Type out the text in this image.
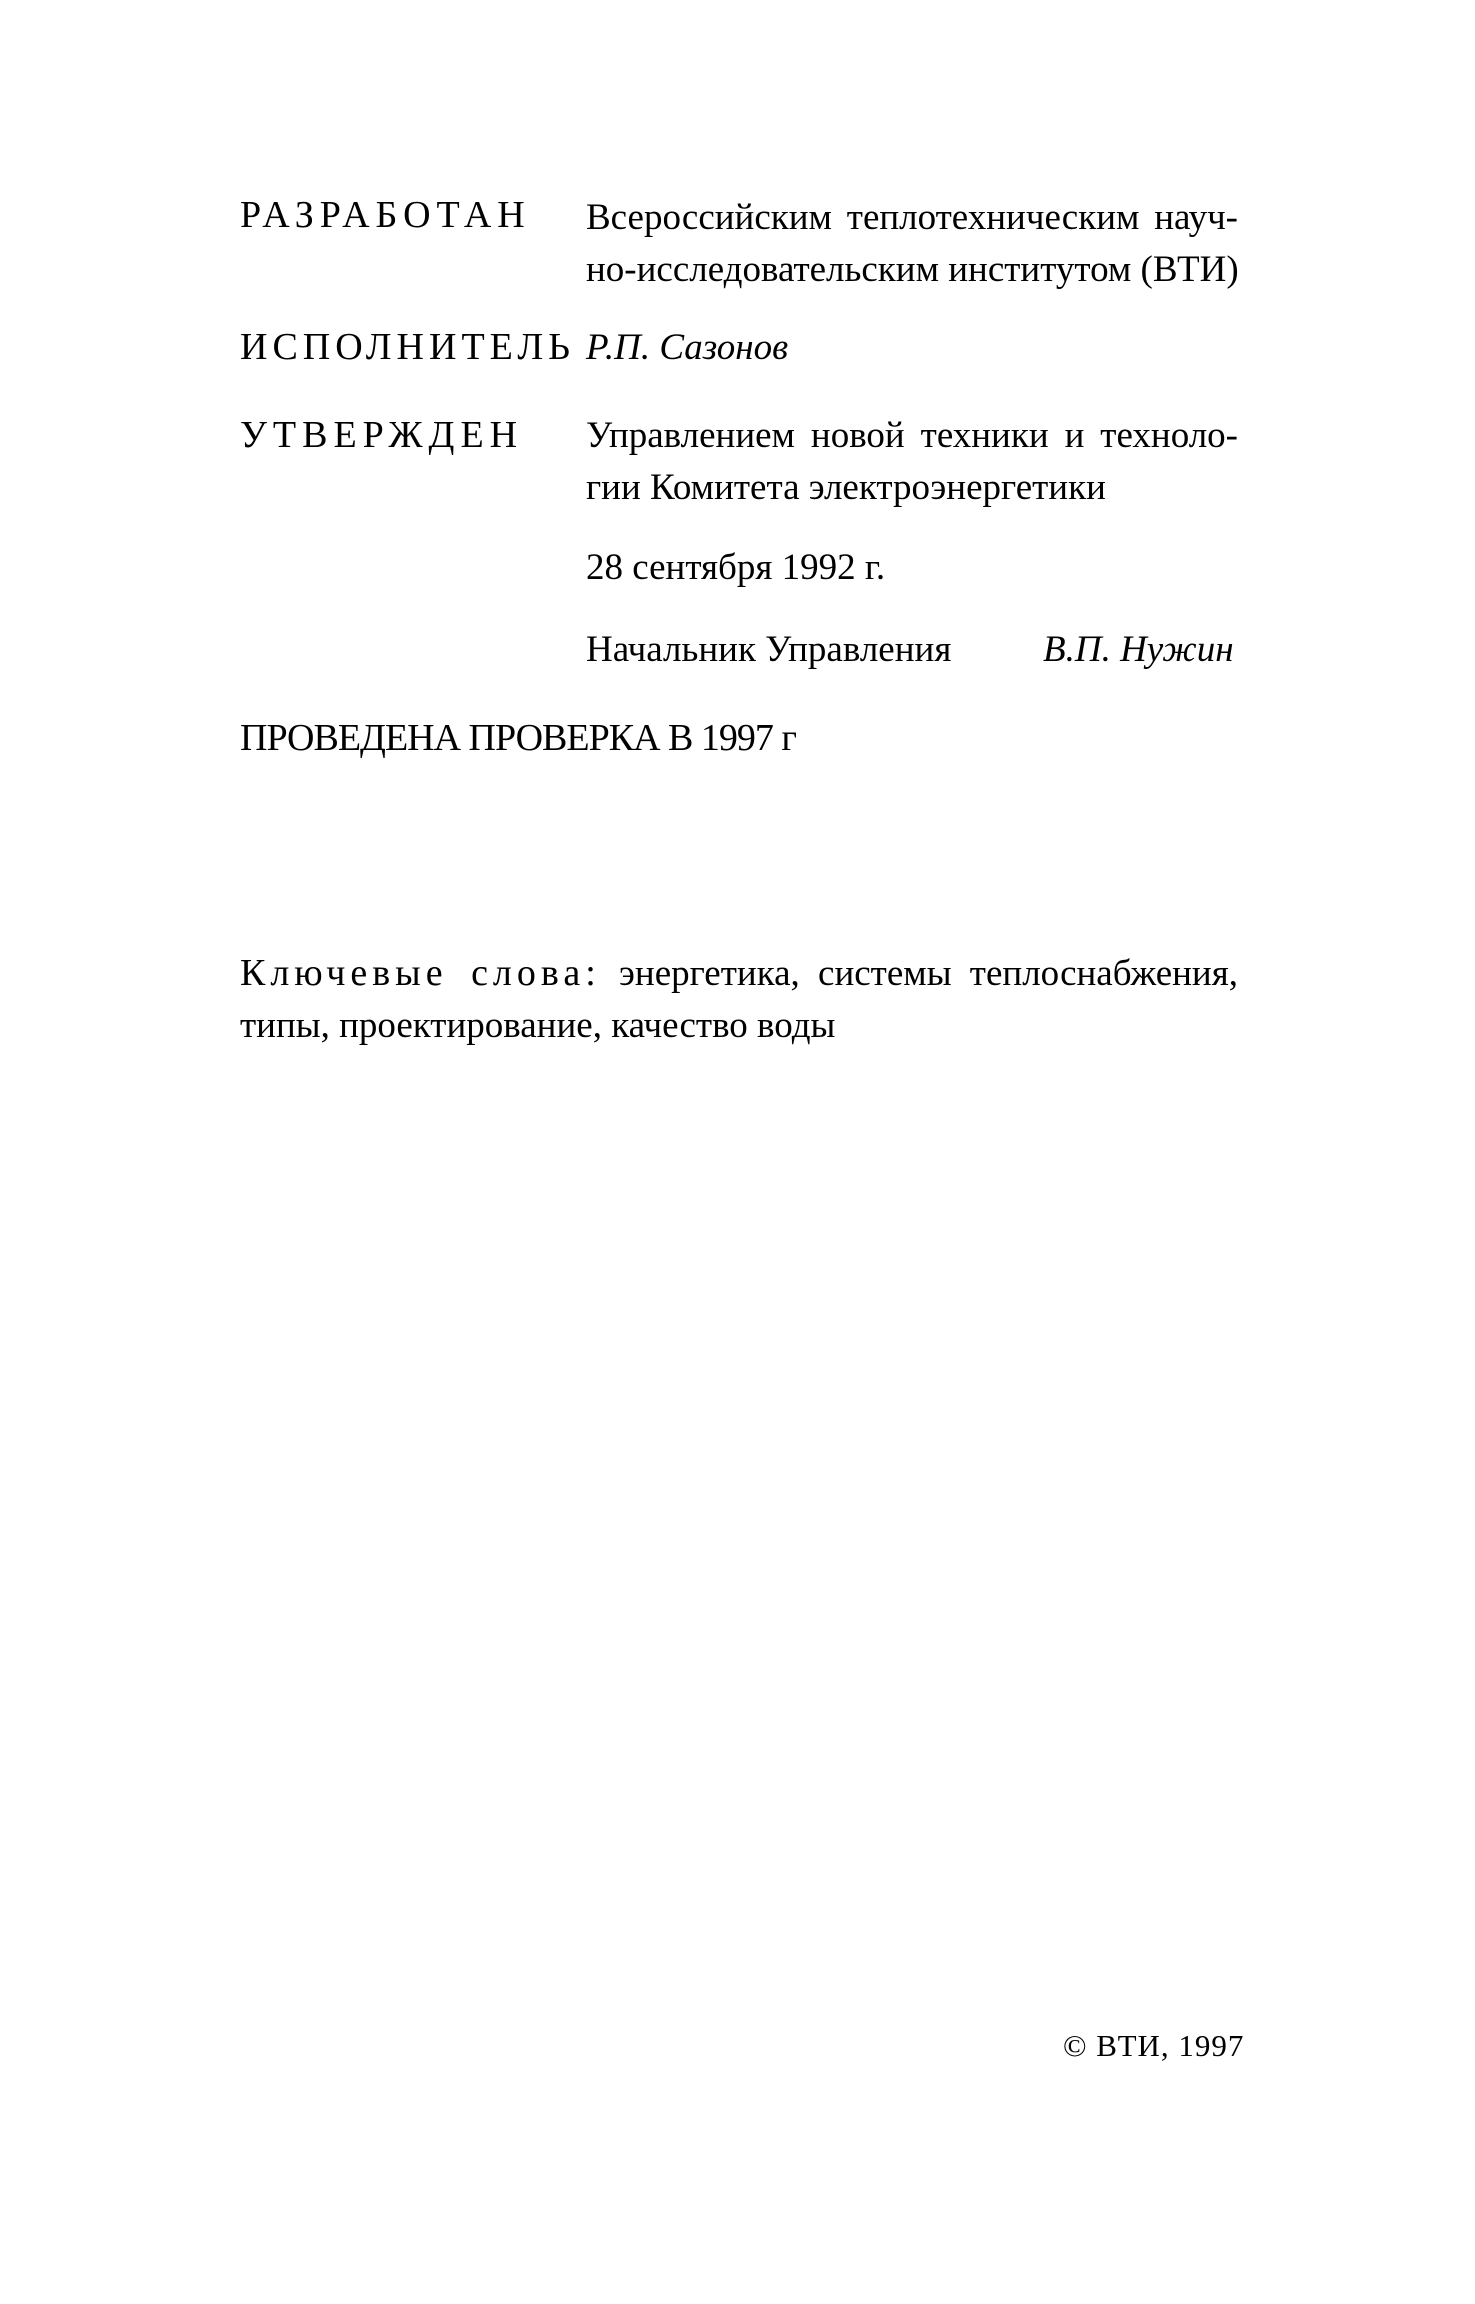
РАЗРАБОТАН Всероссийским теплотехническим науч-
но-исследовательским институтом (ВТИ)
ИСПОЛНИТЕЛЬ Р.П. Сазонов
УТВЕРЖДЕН Управлением новой техники и техноло-
гии Комитета электроэнергетики
28 сентября 1992 г.
Начальник Управления В.П. Нужин
ПРОВЕДЕНА ПРОВЕРКА В 1997 г
Ключевые слова: энергетика, системы теплоснабжения,
типы, проектирование, качество воды
© ВТИ, 1997
